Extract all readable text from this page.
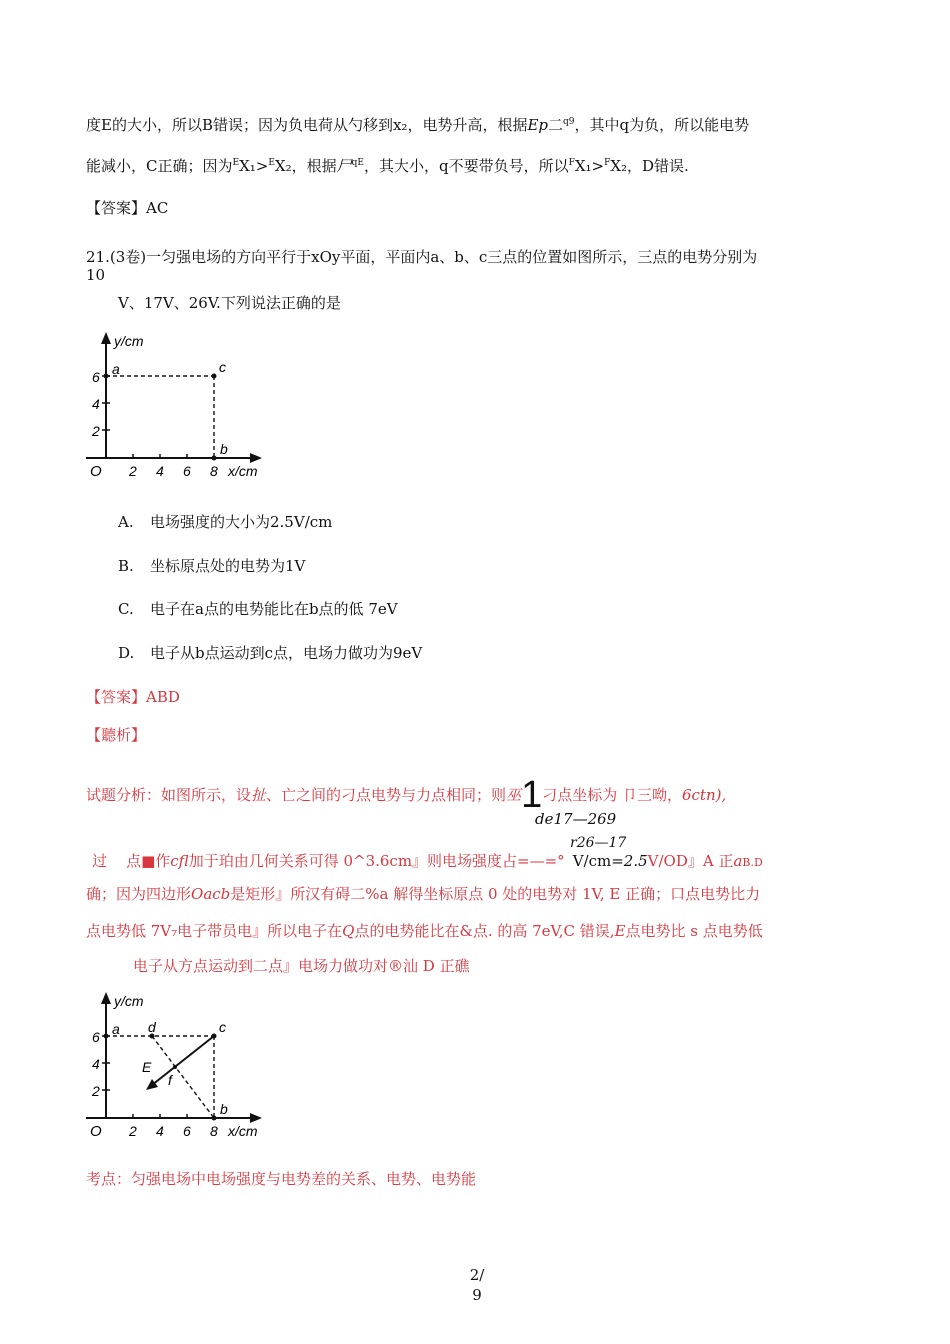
度E的大小，所以B错误；因为负电荷从勺移到x₂，电势升高，根据Ep二$^{q9}$，其中q为负，所以能电势
能减小，C正确；因为$^E$X₁>$^E$X₂，根据尸$^{qE}$，其大小，q不要带负号，所以$^F$X₁>$^F$X₂，D错误.
【答案】AC
21.(3卷)一匀强电场的方向平行于xOy平面，平面内a、b、c三点的位置如图所示，三点的电势分别为
10
V、17V、26V.下列说法正确的是
y/cm
x/cm
O
6
4
2
2 4 6 8
a	c
b
A. 电场强度的大小为2.5V/cm
B. 坐标原点处的电势为1V
C. 电子在a点的电势能比在b点的低 7eV
D. 电子从b点运动到c点，电场力做功为9eV
【答案】ABD
【聽析】
试题分析：如图所示，设扯、亡之间的刁点电势与力点相同；则巫1刁点坐标为 卩三呦，6ctn),
de17—269
r26—17
过 点■作cfl加于珀由几何关系可得 0^3.6cm』则电场强度占=—=° V/cm=2.5V/OD』A 正aB.D
确；因为四边形Oacb是矩形』所汉有碍二%a 解得坐标原点 0 处的电势对 1V, E 正确；口点电势比力
点电势低 7V₇电子带员电』所以电子在Q点的电势能比在&点. 的高 7eV,C 错误,E点电势比 s 点电势低
电子从方点运动到二点』电场力做功对®汕 D 正礁
y/cm
x/cm
O
6
4
2
2 4 6 8
a d	c
E
f
b
考点：匀强电场中电场强度与电势差的关系、电势、电势能
2/
9
